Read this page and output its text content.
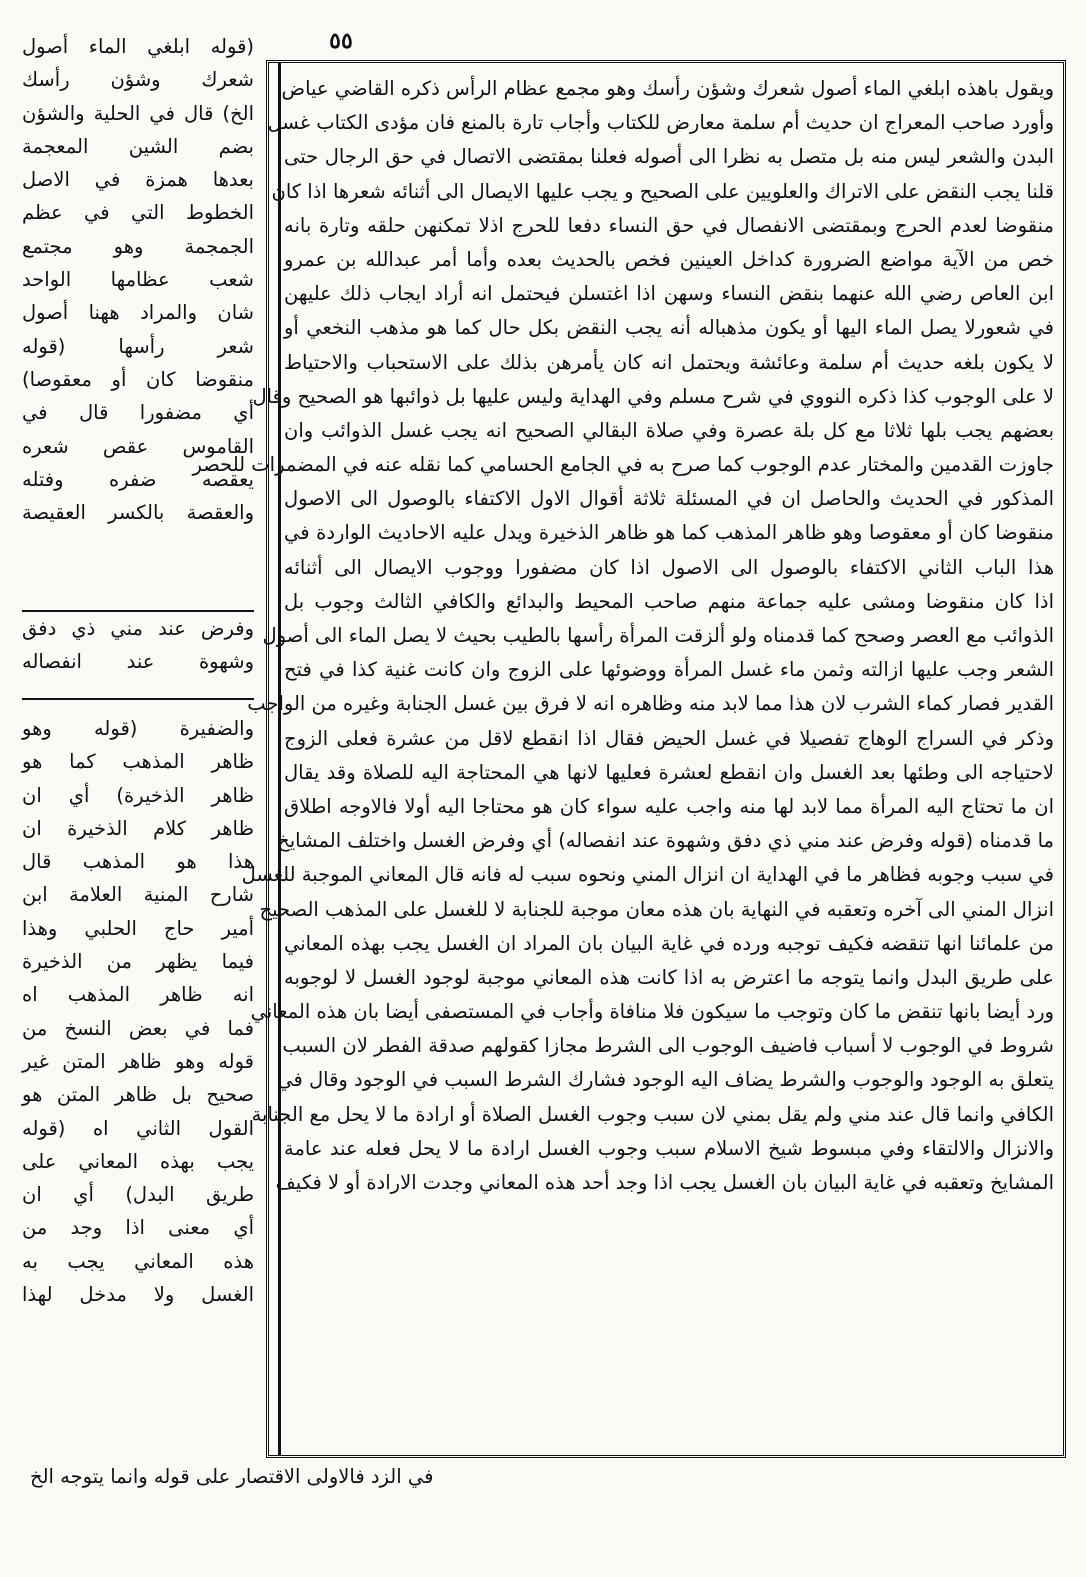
٥٥
ويقول باهذه ابلغي الماء أصول شعرك وشؤن رأسك وهو مجمع عظام الرأس ذكره القاضي عياض
وأورد صاحب المعراج ان حديث أم سلمة معارض للكتاب وأجاب تارة بالمنع فان مؤدى الكتاب غسل
البدن والشعر ليس منه بل متصل به نظرا الى أصوله فعلنا بمقتضى الاتصال في حق الرجال حتى
قلنا يجب النقض على الاتراك والعلويين على الصحيح و يجب عليها الايصال الى أثنائه شعرها اذا كان
منقوضا لعدم الحرج وبمقتضى الانفصال في حق النساء دفعا للحرج اذلا تمكنهن حلقه وتارة بانه
خص من الآية مواضع الضرورة كداخل العينين فخص بالحديث بعده وأما أمر عبدالله بن عمرو
ابن العاص رضي الله عنهما بنقض النساء وسهن اذا اغتسلن فيحتمل انه أراد ايجاب ذلك عليهن
في شعورلا يصل الماء اليها أو يكون مذهباله أنه يجب النقض بكل حال كما هو مذهب النخعي أو
لا يكون بلغه حديث أم سلمة وعائشة ويحتمل انه كان يأمرهن بذلك على الاستحباب والاحتياط
لا على الوجوب كذا ذكره النووي في شرح مسلم وفي الهداية وليس عليها بل ذوائبها هو الصحيح وقال
بعضهم يجب بلها ثلاثا مع كل بلة عصرة وفي صلاة البقالي الصحيح انه يجب غسل الذوائب وان
جاوزت القدمين والمختار عدم الوجوب كما صرح به في الجامع الحسامي كما نقله عنه في المضمرات للحصر
المذكور في الحديث والحاصل ان في المسئلة ثلاثة أقوال الاول الاكتفاء بالوصول الى الاصول
منقوضا كان أو معقوصا وهو ظاهر المذهب كما هو ظاهر الذخيرة ويدل عليه الاحاديث الواردة في
هذا الباب الثاني الاكتفاء بالوصول الى الاصول اذا كان مضفورا ووجوب الايصال الى أثنائه
اذا كان منقوضا ومشى عليه جماعة منهم صاحب المحيط والبدائع والكافي الثالث وجوب بل
الذوائب مع العصر وصحح كما قدمناه ولو ألزقت المرأة رأسها بالطيب بحيث لا يصل الماء الى أصول
الشعر وجب عليها ازالته وثمن ماء غسل المرأة ووضوئها على الزوج وان كانت غنية كذا في فتح
القدير فصار كماء الشرب لان هذا مما لابد منه وظاهره انه لا فرق بين غسل الجنابة وغيره من الواجب
وذكر في السراج الوهاج تفصيلا في غسل الحيض فقال اذا انقطع لاقل من عشرة فعلى الزوج
لاحتياجه الى وطئها بعد الغسل وان انقطع لعشرة فعليها لانها هي المحتاجة اليه للصلاة وقد يقال
ان ما تحتاج اليه المرأة مما لابد لها منه واجب عليه سواء كان هو محتاجا اليه أولا فالاوجه اطلاق
ما قدمناه (قوله وفرض عند مني ذي دفق وشهوة عند انفصاله) أي وفرض الغسل واختلف المشايخ
في سبب وجوبه فظاهر ما في الهداية ان انزال المني ونحوه سبب له فانه قال المعاني الموجبة للغسل
انزال المني الى آخره وتعقبه في النهاية بان هذه معان موجبة للجنابة لا للغسل على المذهب الصحيح
من علمائنا انها تنقضه فكيف توجبه ورده في غاية البيان بان المراد ان الغسل يجب بهذه المعاني
على طريق البدل وانما يتوجه ما اعترض به اذا كانت هذه المعاني موجبة لوجود الغسل لا لوجوبه
ورد أيضا بانها تنقض ما كان وتوجب ما سيكون فلا منافاة وأجاب في المستصفى أيضا بان هذه المعاني
شروط في الوجوب لا أسباب فاضيف الوجوب الى الشرط مجازا كقولهم صدقة الفطر لان السبب
يتعلق به الوجود والوجوب والشرط يضاف اليه الوجود فشارك الشرط السبب في الوجود وقال في
الكافي وانما قال عند مني ولم يقل بمني لان سبب وجوب الغسل الصلاة أو ارادة ما لا يحل مع الجنابة
والانزال والالتقاء وفي مبسوط شيخ الاسلام سبب وجوب الغسل ارادة ما لا يحل فعله عند عامة
المشايخ وتعقبه في غاية البيان بان الغسل يجب اذا وجد أحد هذه المعاني وجدت الارادة أو لا فكيف
(قوله ابلغي الماء أصول
شعرك وشؤن رأسك
الخ) قال في الحلية والشؤن
بضم الشين المعجمة
بعدها همزة في الاصل
الخطوط التي في عظم
الجمجمة وهو مجتمع
شعب عظامها الواحد
شان والمراد ههنا أصول
شعر رأسها (قوله
منقوضا كان أو معقوصا)
أي مضفورا قال في
القاموس عقص شعره
يعقصه ضفره وفتله
والعقصة بالكسر العقيصة
وفرض عند مني ذي دفق
وشهوة عند انفصاله
والضفيرة (قوله وهو
ظاهر المذهب كما هو
ظاهر الذخيرة) أي ان
ظاهر كلام الذخيرة ان
هذا هو المذهب قال
شارح المنية العلامة ابن
أمير حاج الحلبي وهذا
فيما يظهر من الذخيرة
انه ظاهر المذهب اه
فما في بعض النسخ من
قوله وهو ظاهر المتن غير
صحيح بل ظاهر المتن هو
القول الثاني اه (قوله
يجب بهذه المعاني على
طريق البدل) أي ان
أي معنى اذا وجد من
هذه المعاني يجب به
الغسل ولا مدخل لهذا
في الزد فالاولى الاقتصار على قوله وانما يتوجه الخ
